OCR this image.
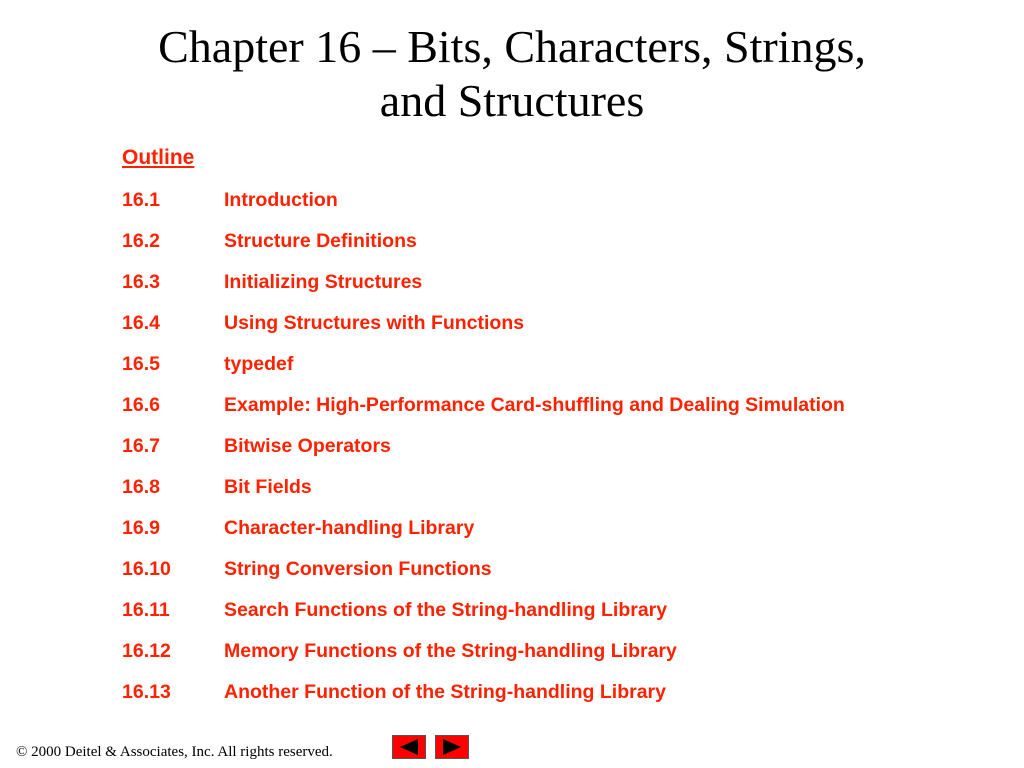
Chapter 16 – Bits, Characters, Strings,
and Structures
Outline
16.1	Introduction
16.2	Structure Definitions
16.3	Initializing Structures
16.4	Using Structures with Functions
16.5	typedef
16.6	Example: High-Performance Card-shuffling and Dealing Simulation
16.7	Bitwise Operators
16.8	Bit Fields
16.9	Character-handling Library
16.10	String Conversion Functions
16.11	Search Functions of the String-handling Library
16.12	Memory Functions of the String-handling Library
16.13	Another Function of the String-handling Library
© 2000 Deitel & Associates, Inc. All rights reserved.
